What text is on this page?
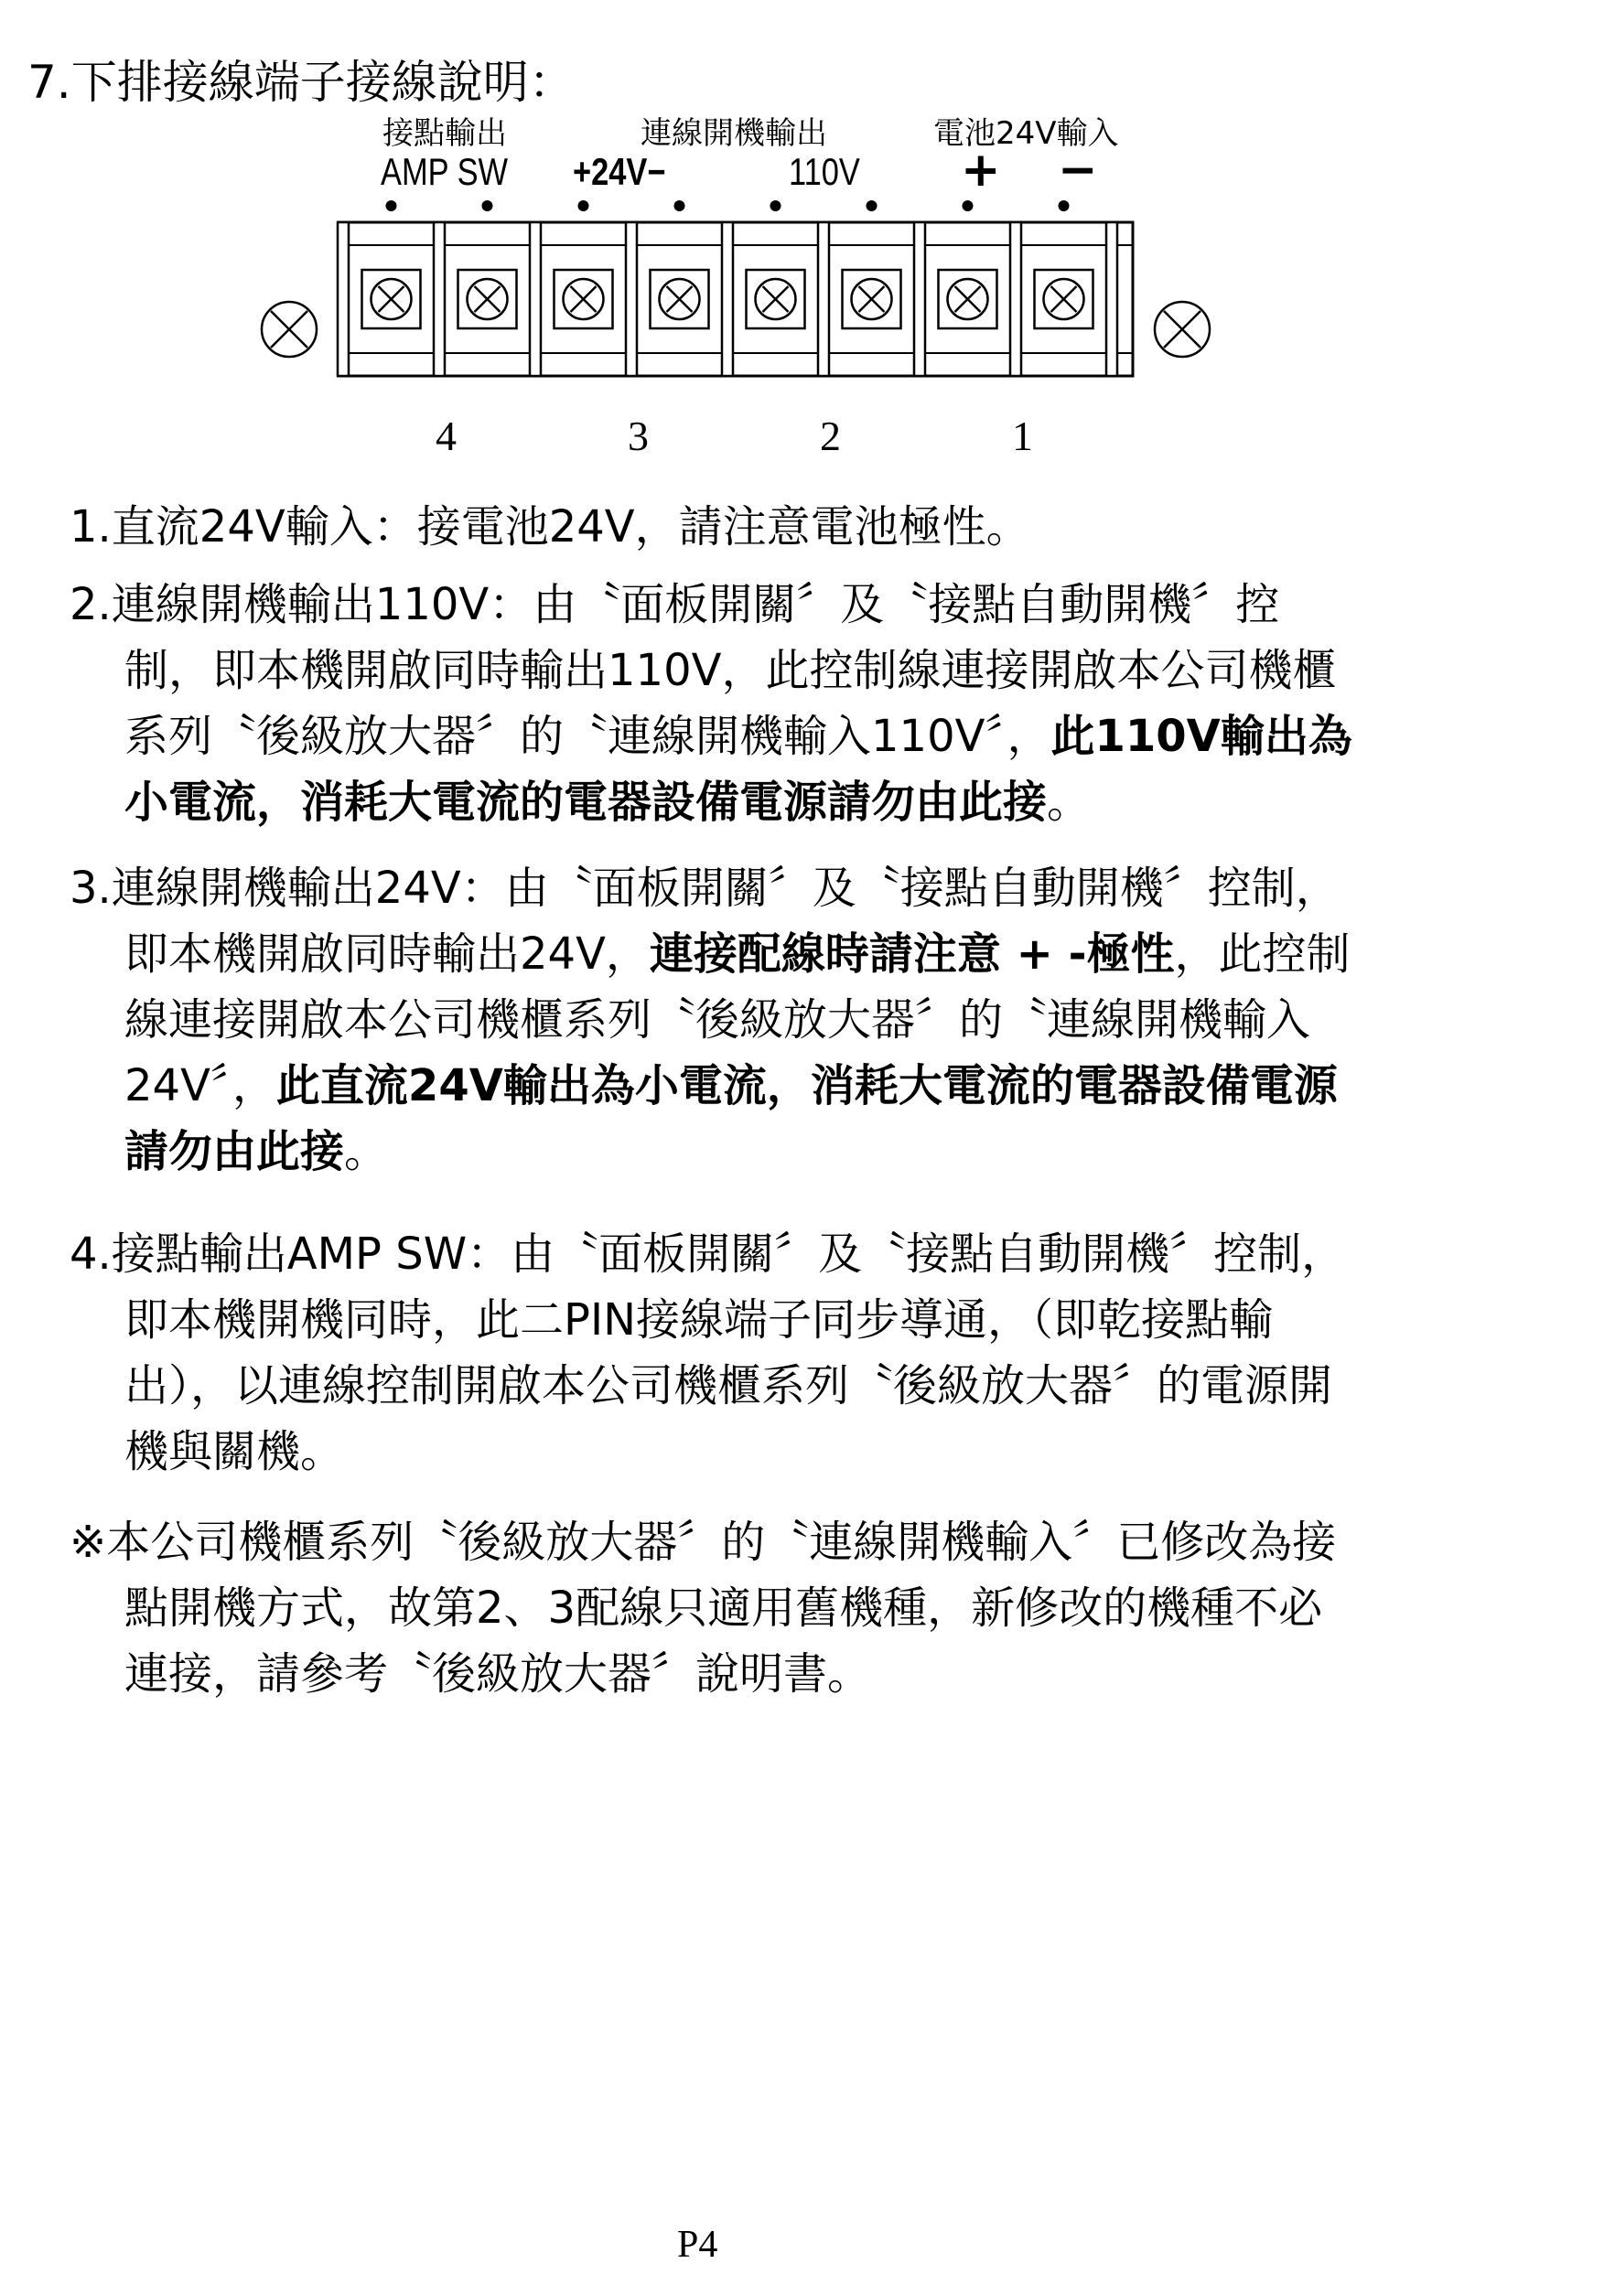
7.下排接線端子接線說明：
接點輸出	連線開機輸出	電池24V輸入
AMP SW +24V−	110V + −
4	3	2	1
1.直流24V輸入：接電池24V，請注意電池極性。
2.連線開機輸出110V：由〝面板開關〞及〝接點自動開機〞控
制，即本機開啟同時輸出110V，此控制線連接開啟本公司機櫃
系列〝後級放大器〞的〝連線開機輸入110V〞，此110V輸出為
小電流，消耗大電流的電器設備電源請勿由此接。
3.連線開機輸出24V：由〝面板開關〞及〝接點自動開機〞控制，
即本機開啟同時輸出24V，連接配線時請注意 + -極性，此控制
線連接開啟本公司機櫃系列〝後級放大器〞的〝連線開機輸入
24V〞，此直流24V輸出為小電流，消耗大電流的電器設備電源
請勿由此接。
4.接點輸出AMP SW：由〝面板開關〞及〝接點自動開機〞控制，
即本機開機同時，此二PIN接線端子同步導通，（即乾接點輸
出），以連線控制開啟本公司機櫃系列〝後級放大器〞的電源開
機與關機。
※本公司機櫃系列〝後級放大器〞的〝連線開機輸入〞已修改為接
點開機方式，故第2、3配線只適用舊機種，新修改的機種不必
連接，請參考〝後級放大器〞說明書。
P4
